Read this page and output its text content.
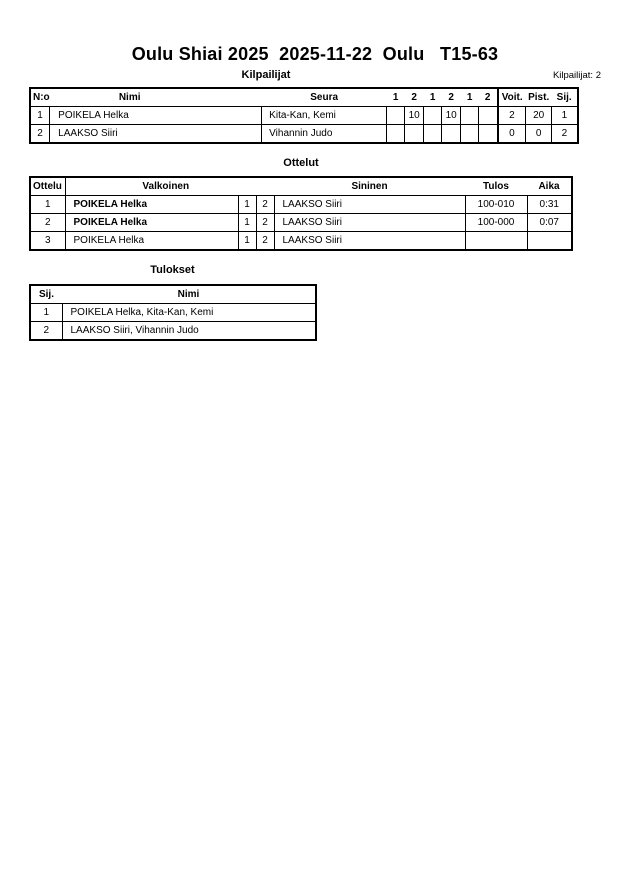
Oulu Shiai 2025  2025-11-22  Oulu   T15-63
Kilpailijat	Kilpailijat: 2
N:o	Nimi	Seura	1	2	1	2	1	2	Voit.	Pist.	Sij.
1	POIKELA Helka	Kita-Kan, Kemi		10		10			2	20	1
2	LAAKSO Siiri	Vihannin Judo							0	0	2
Ottelut
Ottelu	Valkoinen			Sininen	Tulos	Aika
1	POIKELA Helka	1	2	LAAKSO Siiri	100-010	0:31
2	POIKELA Helka	1	2	LAAKSO Siiri	100-000	0:07
3	POIKELA Helka	1	2	LAAKSO Siiri		
Tulokset
Sij.	Nimi
1	POIKELA Helka, Kita-Kan, Kemi
2	LAAKSO Siiri, Vihannin Judo
